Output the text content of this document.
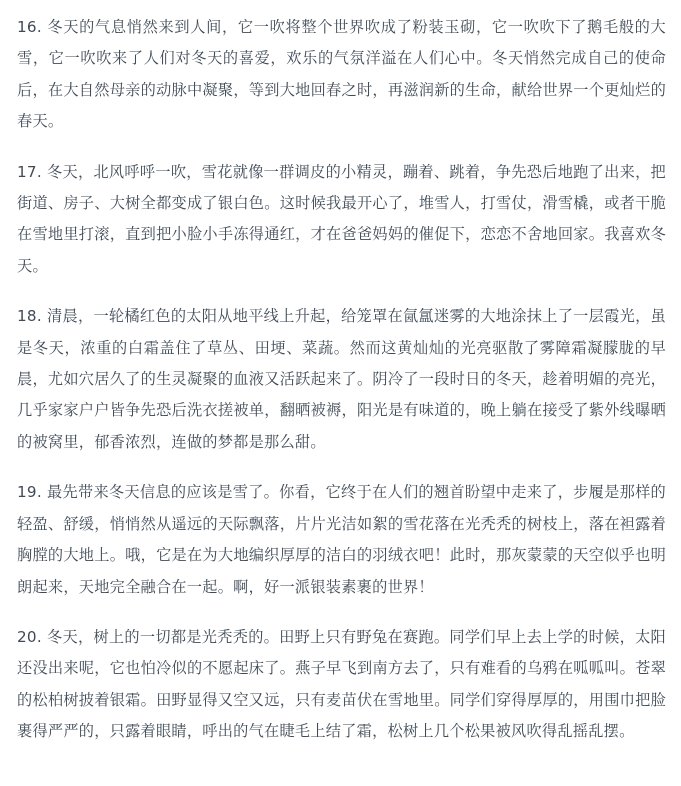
16. 冬天的气息悄然来到人间，它一吹将整个世界吹成了粉装玉砌，它一吹吹下了鹅毛般的大雪，它一吹吹来了人们对冬天的喜爱，欢乐的气氛洋溢在人们心中。冬天悄然完成自己的使命后，在大自然母亲的动脉中凝聚，等到大地回春之时，再滋润新的生命，献给世界一个更灿烂的春天。

17. 冬天，北风呼呼一吹，雪花就像一群调皮的小精灵，蹦着、跳着，争先恐后地跑了出来，把街道、房子、大树全都变成了银白色。这时候我最开心了，堆雪人，打雪仗，滑雪橇，或者干脆在雪地里打滚，直到把小脸小手冻得通红，才在爸爸妈妈的催促下，恋恋不舍地回家。我喜欢冬天。

18. 清晨，一轮橘红色的太阳从地平线上升起，给笼罩在氤氲迷雾的大地涂抹上了一层霞光，虽是冬天，浓重的白霜盖住了草丛、田埂、菜蔬。然而这黄灿灿的光亮驱散了雾障霜凝朦胧的早晨，尤如穴居久了的生灵凝聚的血液又活跃起来了。阴冷了一段时日的冬天，趁着明媚的亮光，几乎家家户户皆争先恐后洗衣搓被单，翻晒被褥，阳光是有味道的，晚上躺在接受了紫外线曝晒的被窝里，郁香浓烈，连做的梦都是那么甜。

19. 最先带来冬天信息的应该是雪了。你看，它终于在人们的翘首盼望中走来了，步履是那样的轻盈、舒缓，悄悄然从遥远的天际飘落，片片光洁如絮的雪花落在光秃秃的树枝上，落在袒露着胸膛的大地上。哦，它是在为大地编织厚厚的洁白的羽绒衣吧！此时，那灰蒙蒙的天空似乎也明朗起来，天地完全融合在一起。啊，好一派银装素裹的世界！

20. 冬天，树上的一切都是光秃秃的。田野上只有野兔在赛跑。同学们早上去上学的时候，太阳还没出来呢，它也怕冷似的不愿起床了。燕子早飞到南方去了，只有难看的乌鸦在呱呱叫。苍翠的松柏树披着银霜。田野显得又空又远，只有麦苗伏在雪地里。同学们穿得厚厚的，用围巾把脸裹得严严的，只露着眼睛，呼出的气在睫毛上结了霜，松树上几个松果被风吹得乱摇乱摆。
